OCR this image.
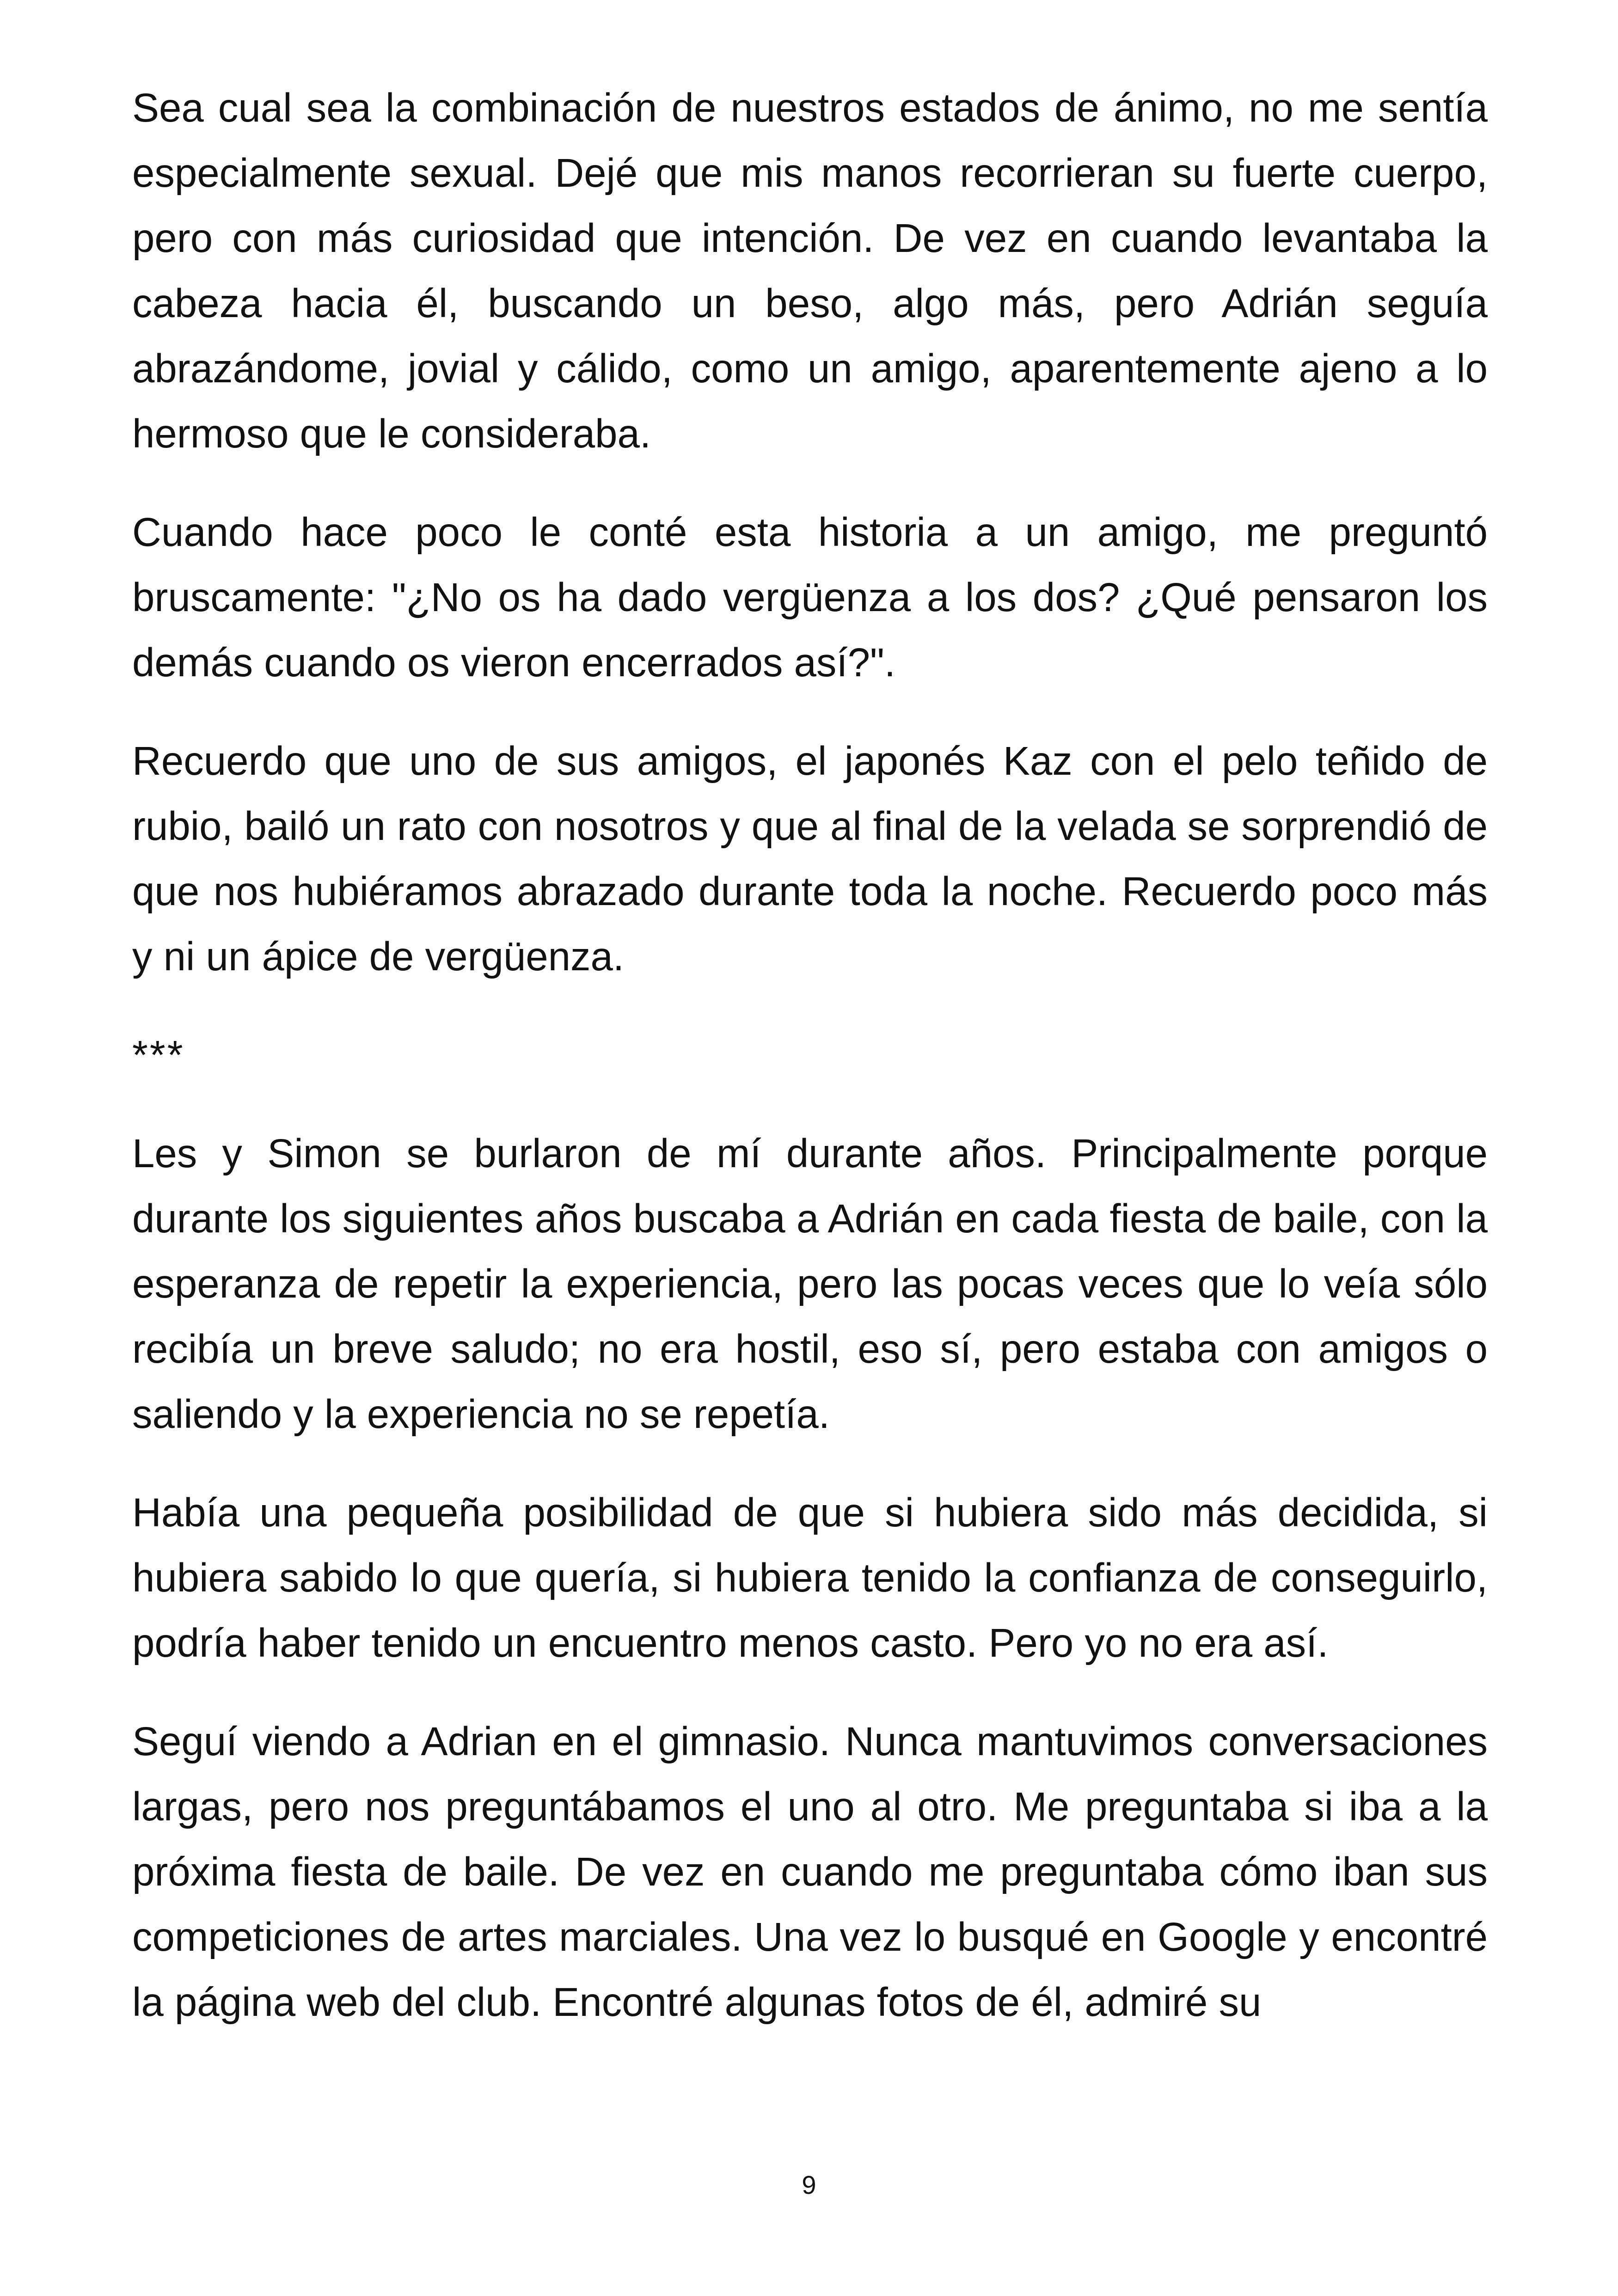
Sea cual sea la combinación de nuestros estados de ánimo, no me sentía especialmente sexual. Dejé que mis manos recorrieran su fuerte cuerpo, pero con más curiosidad que intención. De vez en cuando levantaba la cabeza hacia él, buscando un beso, algo más, pero Adrián seguía abrazándome, jovial y cálido, como un amigo, aparentemente ajeno a lo hermoso que le consideraba.

Cuando hace poco le conté esta historia a un amigo, me preguntó bruscamente: "¿No os ha dado vergüenza a los dos? ¿Qué pensaron los demás cuando os vieron encerrados así?".

Recuerdo que uno de sus amigos, el japonés Kaz con el pelo teñido de rubio, bailó un rato con nosotros y que al final de la velada se sorprendió de que nos hubiéramos abrazado durante toda la noche. Recuerdo poco más y ni un ápice de vergüenza.

***

Les y Simon se burlaron de mí durante años. Principalmente porque durante los siguientes años buscaba a Adrián en cada fiesta de baile, con la esperanza de repetir la experiencia, pero las pocas veces que lo veía sólo recibía un breve saludo; no era hostil, eso sí, pero estaba con amigos o saliendo y la experiencia no se repetía.

Había una pequeña posibilidad de que si hubiera sido más decidida, si hubiera sabido lo que quería, si hubiera tenido la confianza de conseguirlo, podría haber tenido un encuentro menos casto. Pero yo no era así.

Seguí viendo a Adrian en el gimnasio. Nunca mantuvimos conversaciones largas, pero nos preguntábamos el uno al otro. Me preguntaba si iba a la próxima fiesta de baile. De vez en cuando me preguntaba cómo iban sus competiciones de artes marciales. Una vez lo busqué en Google y encontré la página web del club. Encontré algunas fotos de él, admiré su

9
